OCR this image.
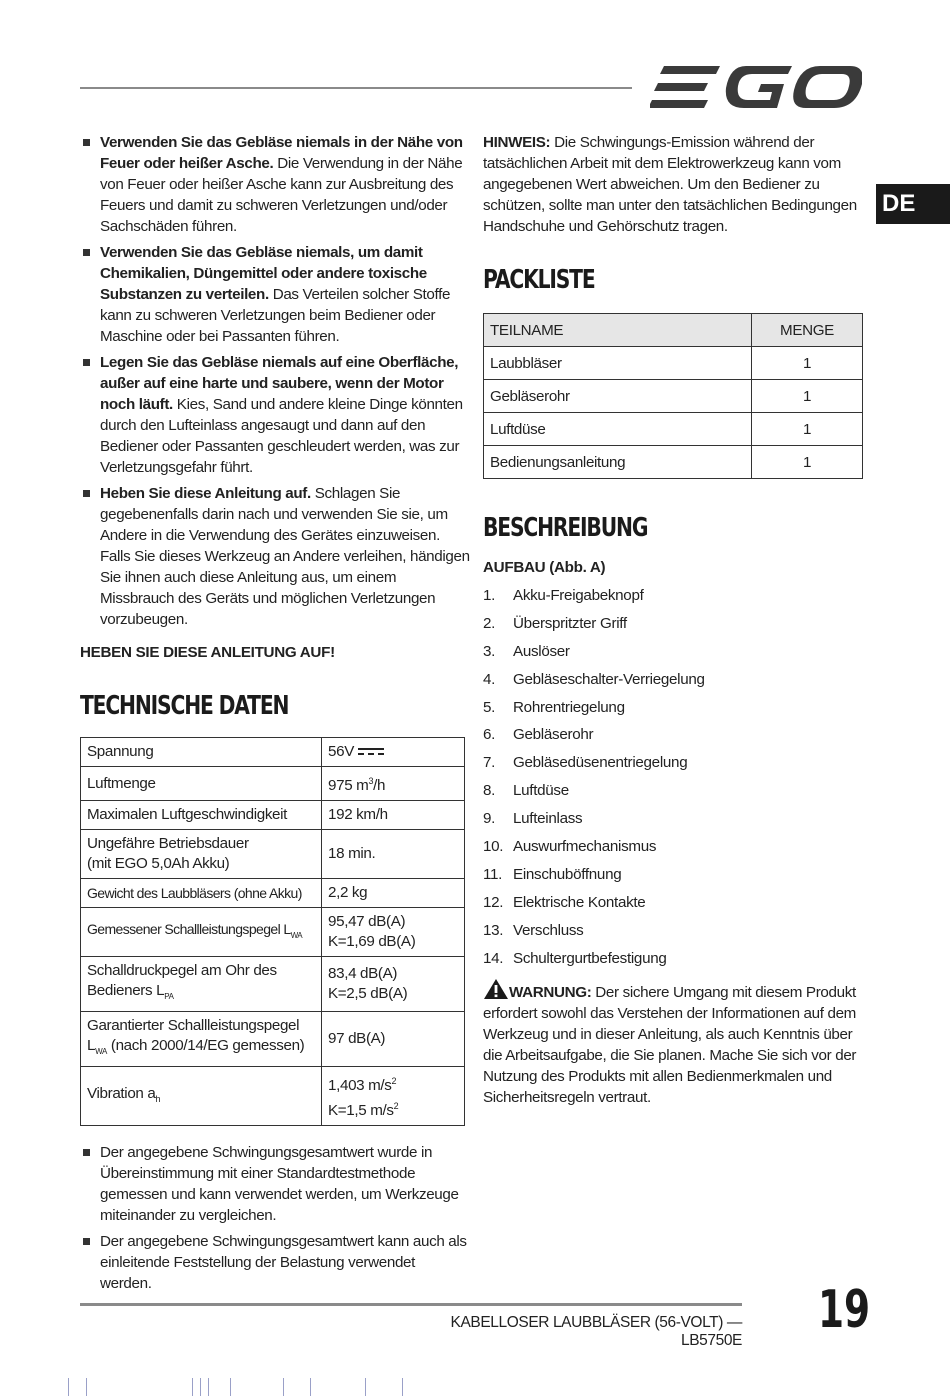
DE
Verwenden Sie das Gebläse niemals in der Nähe von Feuer oder heißer Asche. Die Verwendung in der Nähe von Feuer oder heißer Asche kann zur Ausbreitung des Feuers und damit zu schweren Verletzungen und/oder Sachschäden führen.
Verwenden Sie das Gebläse niemals, um damit Chemikalien, Düngemittel oder andere toxische Substanzen zu verteilen. Das Verteilen solcher Stoffe kann zu schweren Verletzungen beim Bediener oder Maschine oder bei Passanten führen.
Legen Sie das Gebläse niemals auf eine Oberfläche, außer auf eine harte und saubere, wenn der Motor noch läuft. Kies, Sand und andere kleine Dinge könnten durch den Lufteinlass angesaugt und dann auf den Bediener oder Passanten geschleudert werden, was zur Verletzungsgefahr führt.
Heben Sie diese Anleitung auf. Schlagen Sie gegebenenfalls darin nach und verwenden Sie sie, um Andere in die Verwendung des Gerätes einzuweisen. Falls Sie dieses Werkzeug an Andere verleihen, händigen Sie ihnen auch diese Anleitung aus, um einem Missbrauch des Geräts und möglichen Verletzungen vorzubeugen.
HEBEN SIE DIESE ANLEITUNG AUF!
TECHNISCHE DATEN
Spannung	56V
Luftmenge	975 $m^3/h$
Maximalen Luftgeschwindigkeit	192 km/h
Ungefähre Betriebsdauer
(mit EGO 5,0Ah Akku)	18 min.
Gewicht des Laubbläsers (ohne Akku)	2,2 kg
Gemessener Schallleistungspegel $L_{WA}$	95,47 dB(A)
K=1,69 dB(A)
Schalldruckpegel am Ohr des
Bedieners $L_{PA}$	83,4 dB(A)
K=2,5 dB(A)
Garantierter Schallleistungspegel
$L_{WA}$ (nach 2000/14/EG gemessen)	97 dB(A)
Vibration $a_h$	1,403 $m/s^2$
K=1,5 $m/s^2$
Der angegebene Schwingungsgesamtwert wurde in Übereinstimmung mit einer Standardtestmethode gemessen und kann verwendet werden, um Werkzeuge miteinander zu vergleichen.
Der angegebene Schwingungsgesamtwert kann auch als einleitende Feststellung der Belastung verwendet werden.
HINWEIS: Die Schwingungs-Emission während der tatsächlichen Arbeit mit dem Elektrowerkzeug kann vom angegebenen Wert abweichen. Um den Bediener zu schützen, sollte man unter den tatsächlichen Bedingungen Handschuhe und Gehörschutz tragen.
PACKLISTE
TEILNAME	MENGE
Laubbläser	1
Gebläserohr	1
Luftdüse	1
Bedienungsanleitung	1
BESCHREIBUNG
AUFBAU (Abb. A)
1. Akku-Freigabeknopf
2. Überspritzter Griff
3. Auslöser
4. Gebläseschalter-Verriegelung
5. Rohrentriegelung
6. Gebläserohr
7. Gebläsedüsenentriegelung
8. Luftdüse
9. Lufteinlass
10. Auswurfmechanismus
11. Einschuböffnung
12. Elektrische Kontakte
13. Verschluss
14. Schultergurtbefestigung
WARNUNG: Der sichere Umgang mit diesem Produkt erfordert sowohl das Verstehen der Informationen auf dem Werkzeug und in dieser Anleitung, als auch Kenntnis über die Arbeitsaufgabe, die Sie planen. Mache Sie sich vor der Nutzung des Produkts mit allen Bedienmerkmalen und Sicherheitsregeln vertraut.
KABELLOSER LAUBBLÄSER (56-VOLT) — LB5750E
19
